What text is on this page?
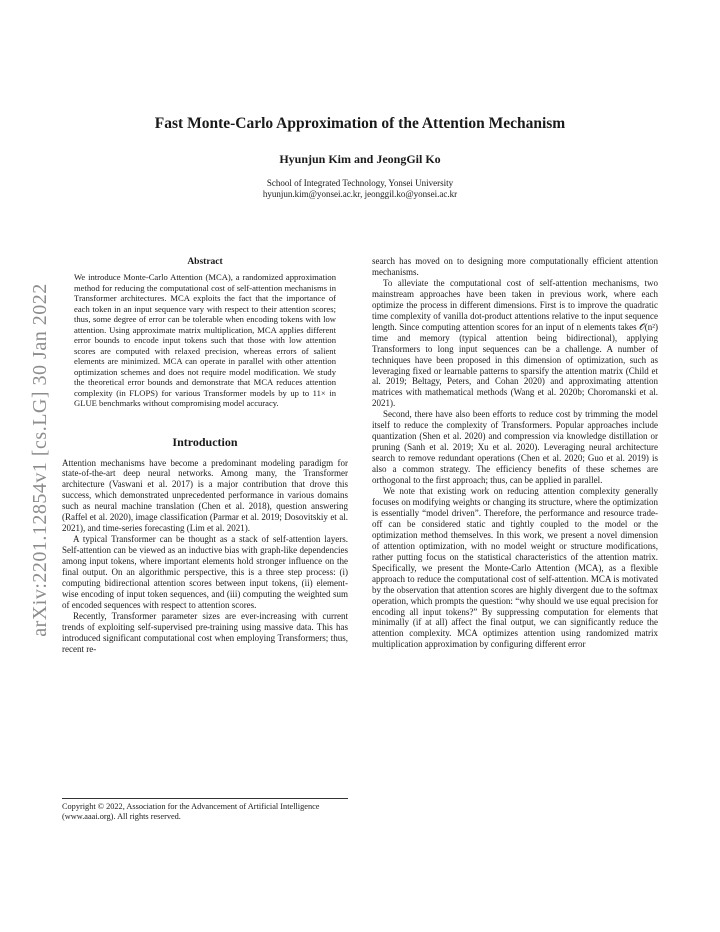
Fast Monte-Carlo Approximation of the Attention Mechanism
Hyunjun Kim and JeongGil Ko
School of Integrated Technology, Yonsei University
hyunjun.kim@yonsei.ac.kr, jeonggil.ko@yonsei.ac.kr
arXiv:2201.12854v1 [cs.LG] 30 Jan 2022
Abstract
We introduce Monte-Carlo Attention (MCA), a randomized approximation method for reducing the computational cost of self-attention mechanisms in Transformer architectures. MCA exploits the fact that the importance of each token in an input sequence vary with respect to their attention scores; thus, some degree of error can be tolerable when encoding tokens with low attention. Using approximate matrix multiplication, MCA applies different error bounds to encode input tokens such that those with low attention scores are computed with relaxed precision, whereas errors of salient elements are minimized. MCA can operate in parallel with other attention optimization schemes and does not require model modification. We study the theoretical error bounds and demonstrate that MCA reduces attention complexity (in FLOPS) for various Transformer models by up to 11× in GLUE benchmarks without compromising model accuracy.
Introduction

Attention mechanisms have become a predominant modeling paradigm for state-of-the-art deep neural networks. Among many, the Transformer architecture (Vaswani et al. 2017) is a major contribution that drove this success, which demonstrated unprecedented performance in various domains such as neural machine translation (Chen et al. 2018), question answering (Raffel et al. 2020), image classification (Parmar et al. 2019; Dosovitskiy et al. 2021), and time-series forecasting (Lim et al. 2021).

A typical Transformer can be thought as a stack of self-attention layers. Self-attention can be viewed as an inductive bias with graph-like dependencies among input tokens, where important elements hold stronger influence on the final output. On an algorithmic perspective, this is a three step process: (i) computing bidirectional attention scores between input tokens, (ii) element-wise encoding of input token sequences, and (iii) computing the weighted sum of encoded sequences with respect to attention scores.

Recently, Transformer parameter sizes are ever-increasing with current trends of exploiting self-supervised pre-training using massive data. This has introduced significant computational cost when employing Transformers; thus, recent re-

search has moved on to designing more computationally efficient attention mechanisms.

To alleviate the computational cost of self-attention mechanisms, two mainstream approaches have been taken in previous work, where each optimize the process in different dimensions. First is to improve the quadratic time complexity of vanilla dot-product attentions relative to the input sequence length. Since computing attention scores for an input of n elements takes 𝒪(n²) time and memory (typical attention being bidirectional), applying Transformers to long input sequences can be a challenge. A number of techniques have been proposed in this dimension of optimization, such as leveraging fixed or learnable patterns to sparsify the attention matrix (Child et al. 2019; Beltagy, Peters, and Cohan 2020) and approximating attention matrices with mathematical methods (Wang et al. 2020b; Choromanski et al. 2021).

Second, there have also been efforts to reduce cost by trimming the model itself to reduce the complexity of Transformers. Popular approaches include quantization (Shen et al. 2020) and compression via knowledge distillation or pruning (Sanh et al. 2019; Xu et al. 2020). Leveraging neural architecture search to remove redundant operations (Chen et al. 2020; Guo et al. 2019) is also a common strategy. The efficiency benefits of these schemes are orthogonal to the first approach; thus, can be applied in parallel.

We note that existing work on reducing attention complexity generally focuses on modifying weights or changing its structure, where the optimization is essentially “model driven”. Therefore, the performance and resource trade-off can be considered static and tightly coupled to the model or the optimization method themselves. In this work, we present a novel dimension of attention optimization, with no model weight or structure modifications, rather putting focus on the statistical characteristics of the attention matrix. Specifically, we present the Monte-Carlo Attention (MCA), as a flexible approach to reduce the computational cost of self-attention. MCA is motivated by the observation that attention scores are highly divergent due to the softmax operation, which prompts the question: “why should we use equal precision for encoding all input tokens?” By suppressing computation for elements that minimally (if at all) affect the final output, we can significantly reduce the attention complexity. MCA optimizes attention using randomized matrix multiplication approximation by configuring different error

Copyright © 2022, Association for the Advancement of Artificial Intelligence (www.aaai.org). All rights reserved.
